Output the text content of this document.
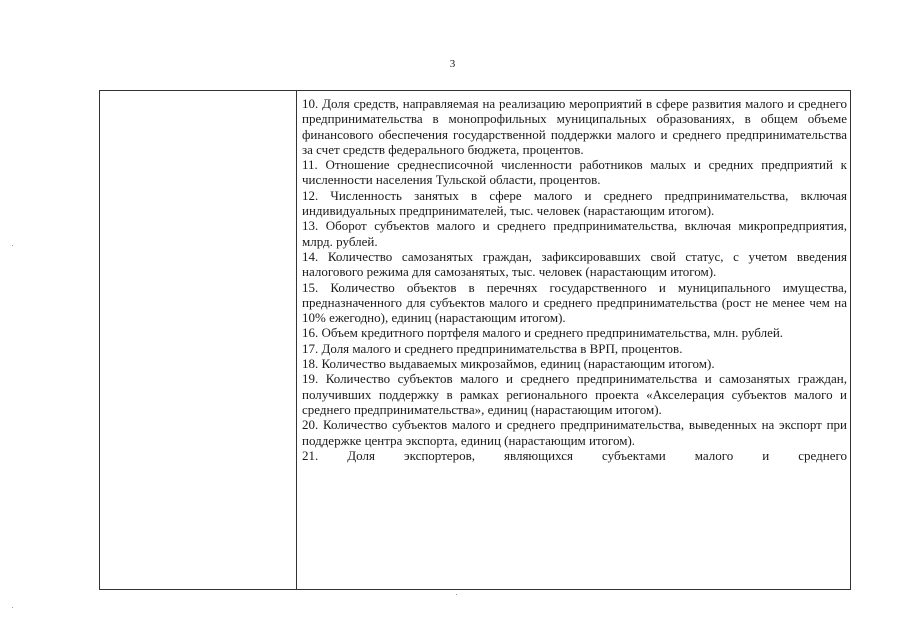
3

10. Доля средств, направляемая на реализацию мероприятий в сфере развития малого и среднего предпринимательства в монопрофильных муниципальных образованиях, в общем объеме финансового обеспечения государственной поддержки малого и среднего предпринимательства за счет средств федерального бюджета, процентов.

11. Отношение среднесписочной численности работников малых и средних предприятий к численности населения Тульской области, процентов.

12. Численность занятых в сфере малого и среднего предпринимательства, включая индивидуальных предпринимателей, тыс. человек (нарастающим итогом).

13. Оборот субъектов малого и среднего предпринимательства, включая микропредприятия, млрд. рублей.

14. Количество самозанятых граждан, зафиксировавших свой статус, с учетом введения налогового режима для самозанятых, тыс. человек (нарастающим итогом).

15. Количество объектов в перечнях государственного и муниципального имущества, предназначенного для субъектов малого и среднего предпринимательства (рост не менее чем на 10% ежегодно), единиц (нарастающим итогом).

16. Объем кредитного портфеля малого и среднего предпринимательства, млн. рублей.

17. Доля малого и среднего предпринимательства в ВРП, процентов.

18. Количество выдаваемых микрозаймов, единиц (нарастающим итогом).

19. Количество субъектов малого и среднего предпринимательства и самозанятых граждан, получивших поддержку в рамках регионального проекта «Акселерация субъектов малого и среднего предпринимательства», единиц (нарастающим итогом).

20. Количество субъектов малого и среднего предпринимательства, выведенных на экспорт при поддержке центра экспорта, единиц (нарастающим итогом).

21. Доля экспортеров, являющихся субъектами малого и среднего
